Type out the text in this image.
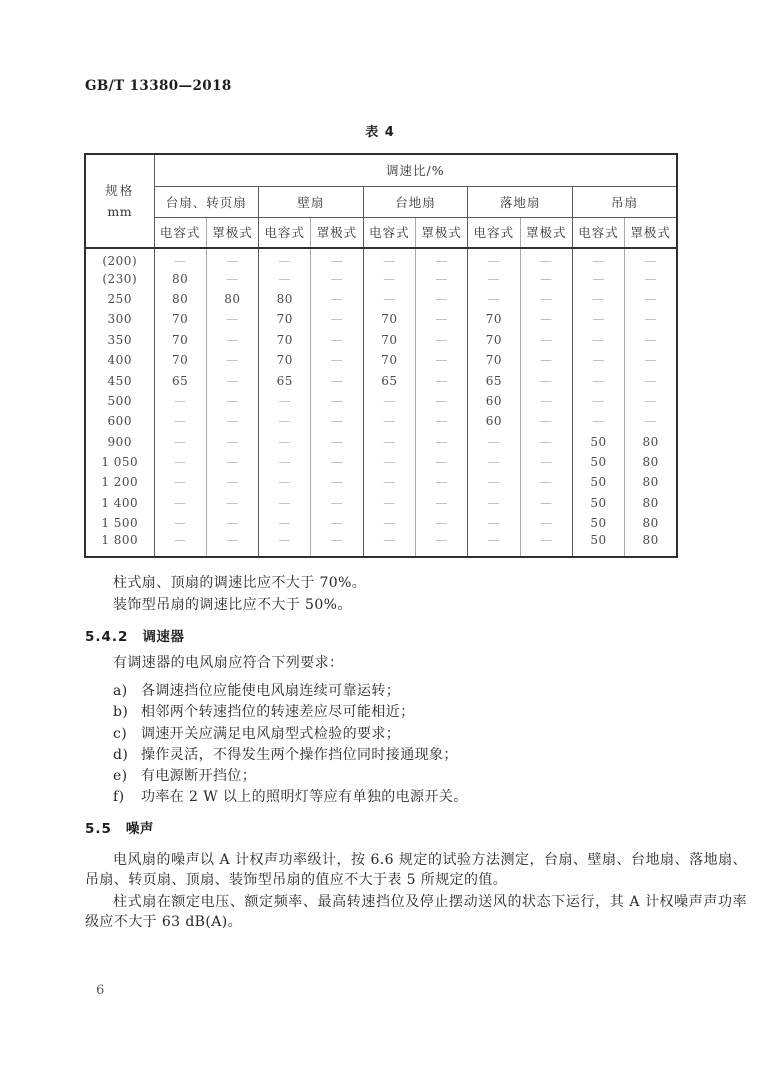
GB/T 13380—2018
表 4
规格
mm	调速比/%									
	台扇、转页扇		壁扇		台地扇		落地扇		吊扇	
	电容式	罩极式	电容式	罩极式	电容式	罩极式	电容式	罩极式	电容式	罩极式
(200)	—	—	—	—	—	—	—	—	—	—
(230)	80	—	—	—	—	—	—	—	—	—
250	80	80	80	—	—	—	—	—	—	—
300	70	—	70	—	70	—	70	—	—	—
350	70	—	70	—	70	—	70	—	—	—
400	70	—	70	—	70	—	70	—	—	—
450	65	—	65	—	65	—	65	—	—	—
500	—	—	—	—	—	—	60	—	—	—
600	—	—	—	—	—	—	60	—	—	—
900	—	—	—	—	—	—	—	—	50	80
1 050	—	—	—	—	—	—	—	—	50	80
1 200	—	—	—	—	—	—	—	—	50	80
1 400	—	—	—	—	—	—	—	—	50	80
1 500	—	—	—	—	—	—	—	—	50	80
1 800	—	—	—	—	—	—	—	—	50	80
柱式扇、顶扇的调速比应不大于 70%。
装饰型吊扇的调速比应不大于 50%。
5.4.2 调速器
有调速器的电风扇应符合下列要求：
a) 各调速挡位应能使电风扇连续可靠运转；
b) 相邻两个转速挡位的转速差应尽可能相近；
c) 调速开关应满足电风扇型式检验的要求；
d) 操作灵活，不得发生两个操作挡位同时接通现象；
e) 有电源断开挡位；
f)	功率在 2 W 以上的照明灯等应有单独的电源开关。
5.5 噪声
电风扇的噪声以 A 计权声功率级计，按 6.6 规定的试验方法测定，台扇、壁扇、台地扇、落地扇、吊扇、转页扇、顶扇、装饰型吊扇的值应不大于表 5 所规定的值。
柱式扇在额定电压、额定频率、最高转速挡位及停止摆动送风的状态下运行，其 A 计权噪声声功率级应不大于 63 dB(A)。
6
